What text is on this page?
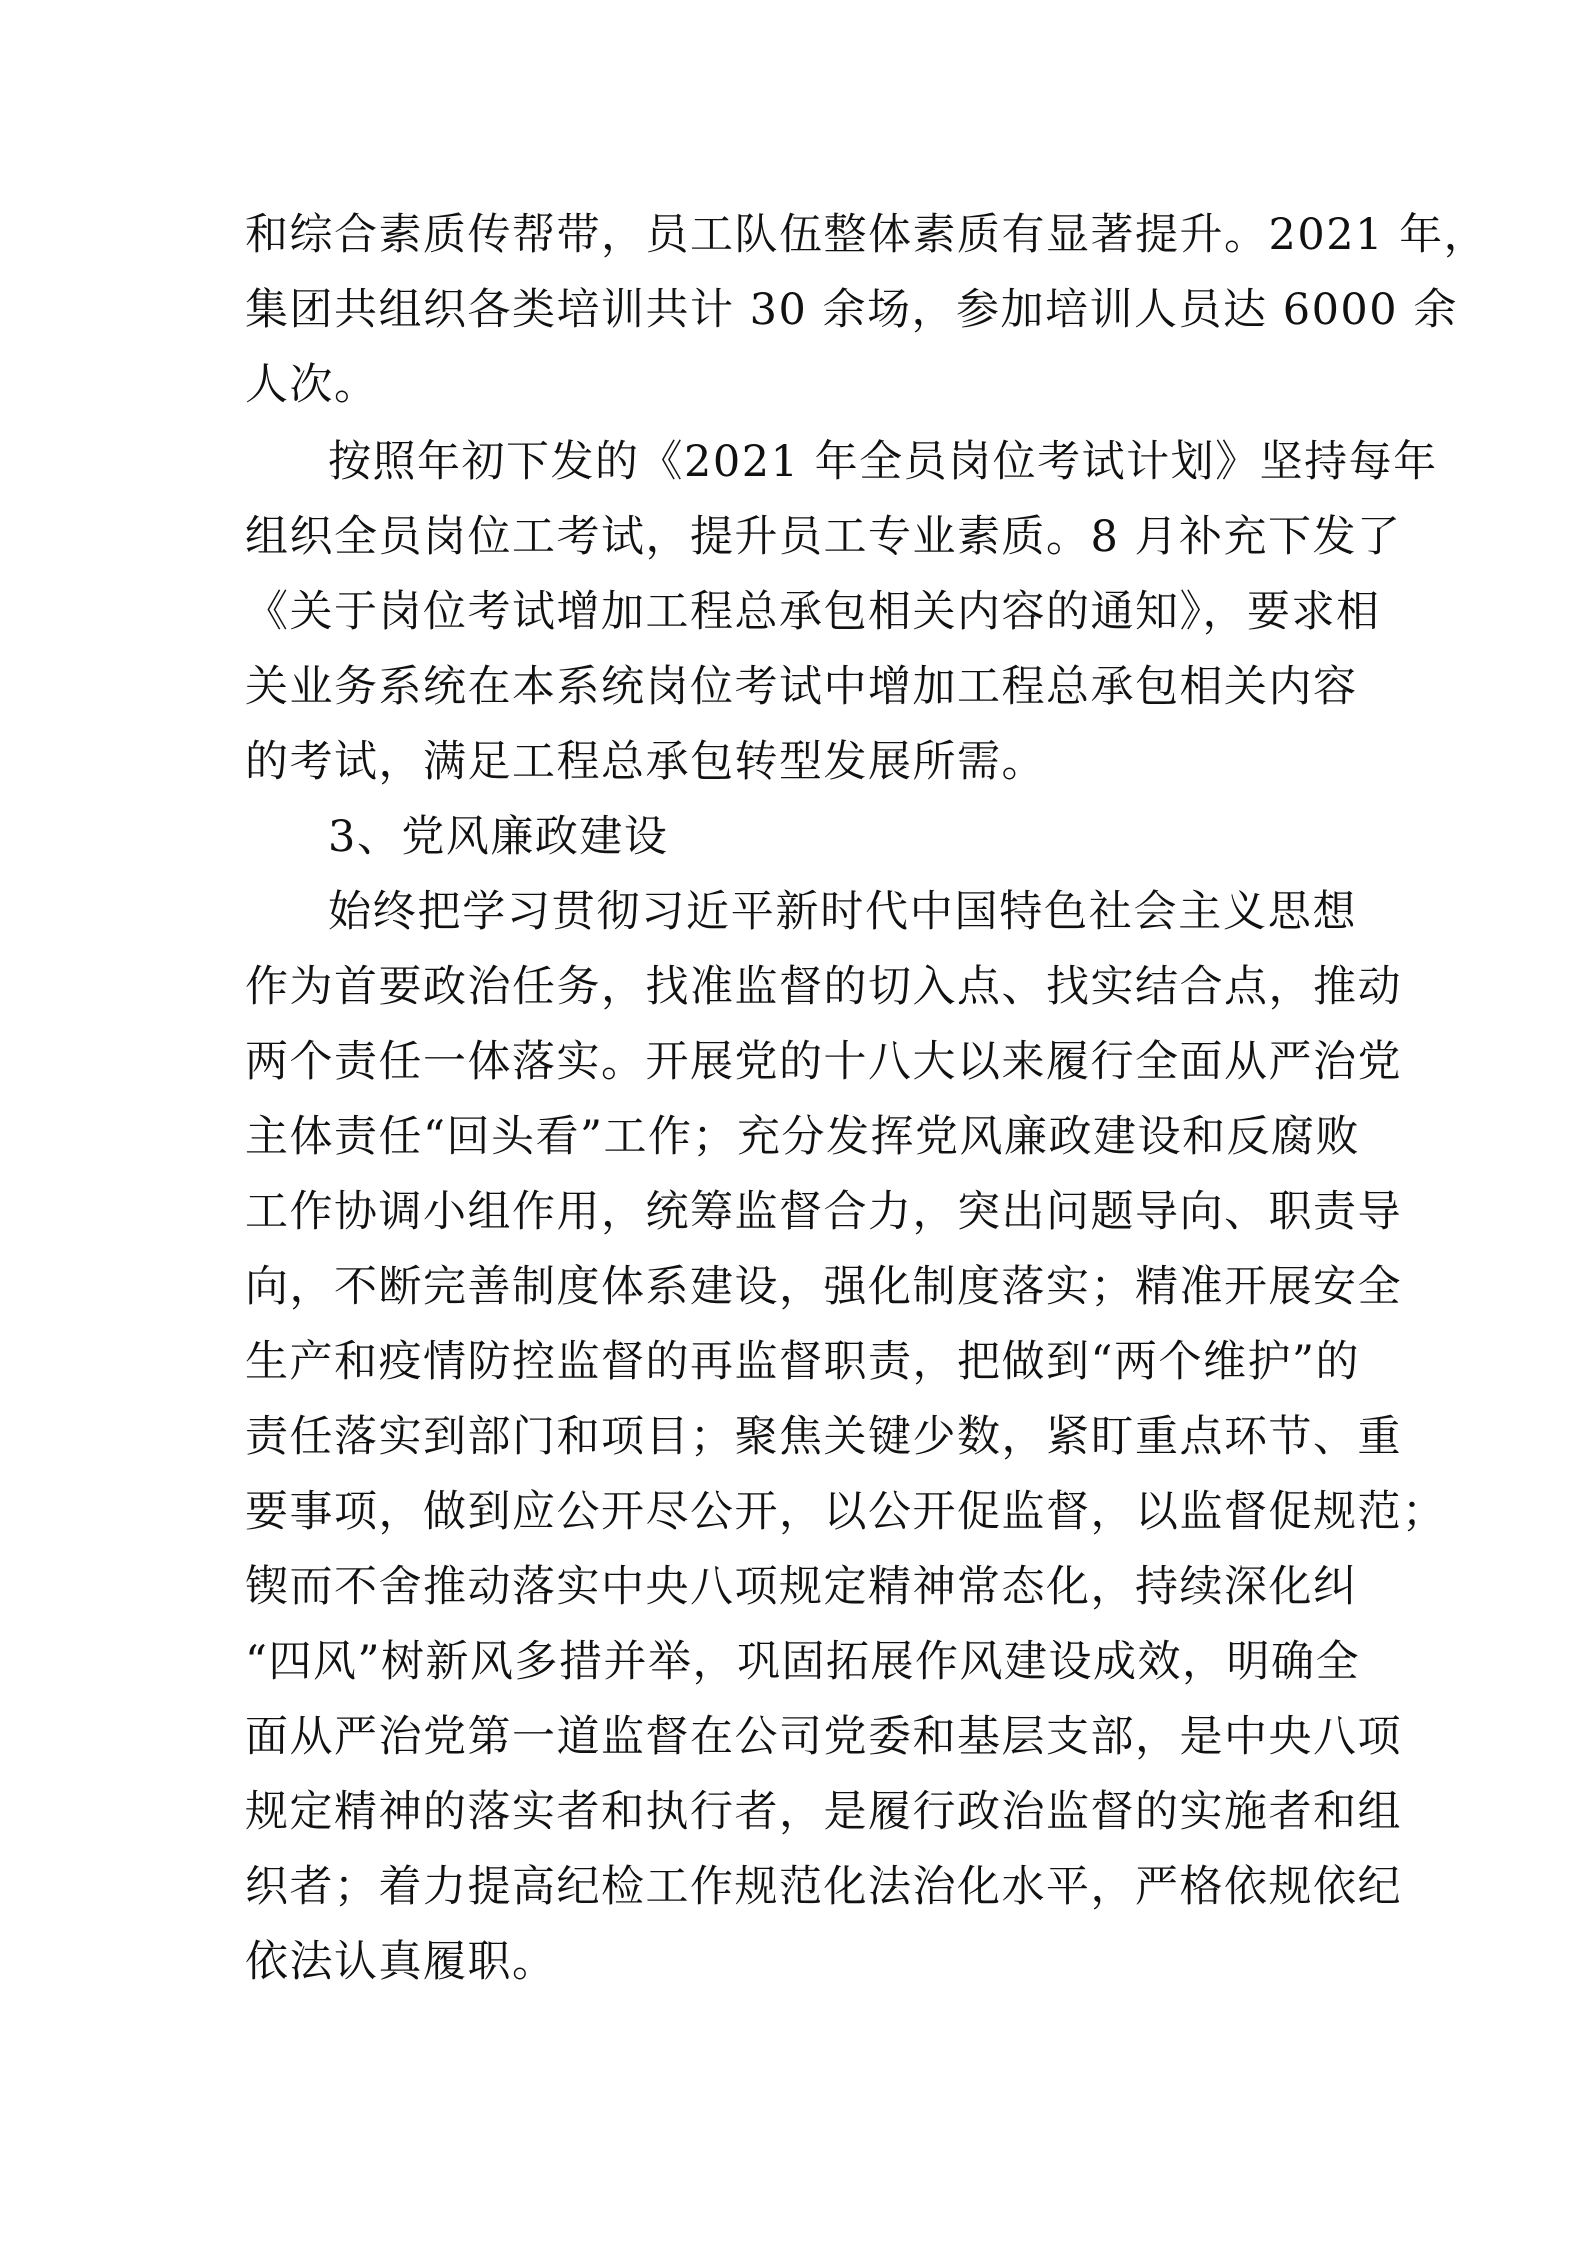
和综合素质传帮带，员工队伍整体素质有显著提升。2021 年，
集团共组织各类培训共计 30 余场，参加培训人员达 6000 余
人次。
按照年初下发的《2021 年全员岗位考试计划》坚持每年
组织全员岗位工考试，提升员工专业素质。8 月补充下发了
《关于岗位考试增加工程总承包相关内容的通知》，要求相
关业务系统在本系统岗位考试中增加工程总承包相关内容
的考试，满足工程总承包转型发展所需。
3、党风廉政建设
始终把学习贯彻习近平新时代中国特色社会主义思想
作为首要政治任务，找准监督的切入点、找实结合点，推动
两个责任一体落实。开展党的十八大以来履行全面从严治党
主体责任“回头看”工作；充分发挥党风廉政建设和反腐败
工作协调小组作用，统筹监督合力，突出问题导向、职责导
向，不断完善制度体系建设，强化制度落实；精准开展安全
生产和疫情防控监督的再监督职责，把做到“两个维护”的
责任落实到部门和项目；聚焦关键少数，紧盯重点环节、重
要事项，做到应公开尽公开，以公开促监督，以监督促规范；
锲而不舍推动落实中央八项规定精神常态化，持续深化纠
“四风”树新风多措并举，巩固拓展作风建设成效，明确全
面从严治党第一道监督在公司党委和基层支部，是中央八项
规定精神的落实者和执行者，是履行政治监督的实施者和组
织者；着力提高纪检工作规范化法治化水平，严格依规依纪
依法认真履职。
